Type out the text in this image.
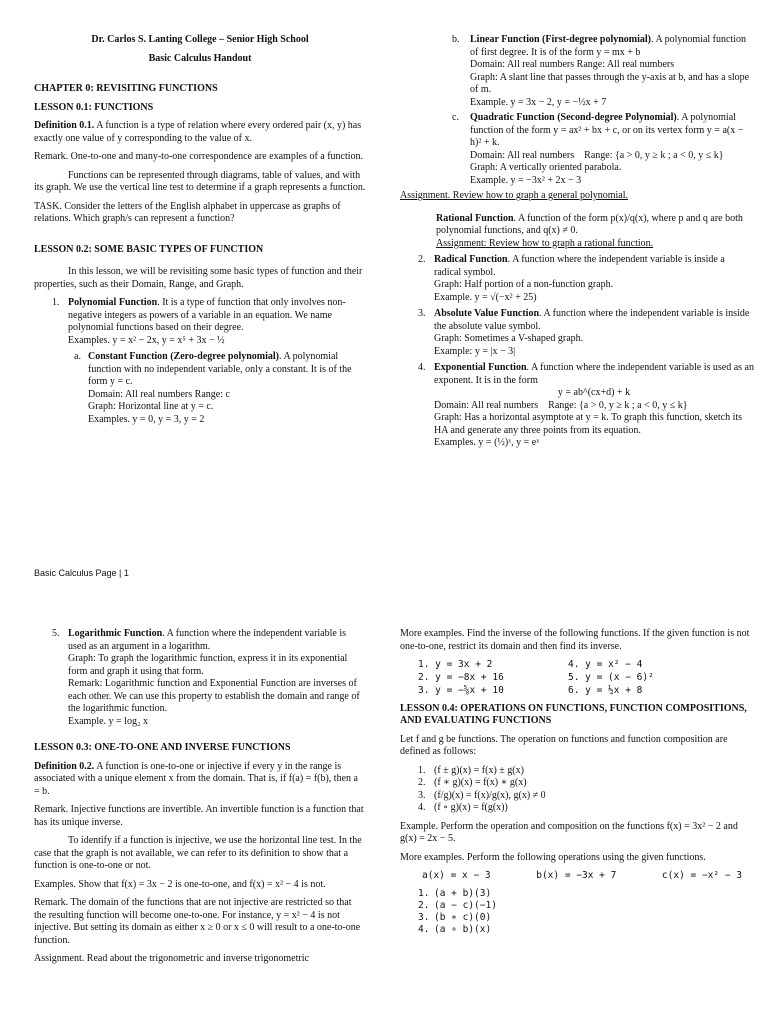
Dr. Carlos S. Lanting College – Senior High School

Basic Calculus Handout

CHAPTER 0: REVISITING FUNCTIONS

LESSON 0.1: FUNCTIONS

Definition 0.1. A function is a type of relation where every ordered pair (x, y) has exactly one value of y corresponding to the value of x.

Remark. One-to-one and many-to-one correspondence are examples of a function.

Functions can be represented through diagrams, table of values, and with its graph. We use the vertical line test to determine if a graph represents a function.

TASK. Consider the letters of the English alphabet in uppercase as graphs of relations. Which graph/s can represent a function?

LESSON 0.2: SOME BASIC TYPES OF FUNCTION

In this lesson, we will be revisiting some basic types of function and their properties, such as their Domain, Range, and Graph.

1. Polynomial Function. It is a type of function that only involves non-negative integers as powers of a variable in an equation. We name polynomial functions based on their degree.
Examples. y = x² − 2x, y = x⁵ + 3x − ½
a. Constant Function (Zero-degree polynomial). A polynomial function with no independent variable, only a constant. It is of the form y = c.
Domain: All real numbers Range: c
Graph: Horizontal line at y = c.
Examples. y = 0, y = 3, y = 2
b. Linear Function (First-degree polynomial). A polynomial function of first degree. It is of the form y = mx + b
Domain: All real numbers Range: All real numbers
Graph: A slant line that passes through the y-axis at b, and has a slope of m.
Example. y = 3x − 2, y = −½x + 7
c. Quadratic Function (Second-degree Polynomial). A polynomial function of the form y = ax² + bx + c, or on its vertex form y = a(x − h)² + k.
Domain: All real numbers Range: {a > 0, y ≥ k ; a < 0, y ≤ k}
Graph: A vertically oriented parabola.
Example. y = −3x² + 2x − 3

Assignment. Review how to graph a general polynomial.

Rational Function. A function of the form p(x)/q(x), where p and q are both polynomial functions, and q(x) ≠ 0.
Assignment: Review how to graph a rational function.
2. Radical Function. A function where the independent variable is inside a radical symbol.
Graph: Half portion of a non-function graph.
Example. y = √(−x² + 25)
3. Absolute Value Function. A function where the independent variable is inside the absolute value symbol.
Graph: Sometimes a V-shaped graph.
Example: y = |x − 3|
4. Exponential Function. A function where the independent variable is used as an exponent. It is in the form
y = ab^(cx+d) + k
Domain: All real numbers Range: {a > 0, y ≥ k ; a < 0, y ≤ k}
Graph: Has a horizontal asymptote at y = k. To graph this function, sketch its HA and generate any three points from its equation.
Examples. y = (½)ˣ, y = eˣ
Basic Calculus Page | 1
5. Logarithmic Function. A function where the independent variable is used as an argument in a logarithm.
Graph: To graph the logarithmic function, express it in its exponential form and graph it using that form.
Remark: Logarithmic function and Exponential Function are inverses of each other. We can use this property to establish the domain and range of the logarithmic function.
Example. y = log₂ x

LESSON 0.3: ONE-TO-ONE AND INVERSE FUNCTIONS

Definition 0.2. A function is one-to-one or injective if every y in the range is associated with a unique element x from the domain. That is, if f(a) = f(b), then a = b.

Remark. Injective functions are invertible. An invertible function is a function that has its unique inverse.

To identify if a function is injective, we use the horizontal line test. In the case that the graph is not available, we can refer to its definition to show that a function is one-to-one or not.

Examples. Show that f(x) = 3x − 2 is one-to-one, and f(x) = x² − 4 is not.

Remark. The domain of the functions that are not injective are restricted so that the resulting function will become one-to-one. For instance, y = x² − 4 is not injective. But setting its domain as either x ≥ 0 or x ≤ 0 will result to a one-to-one function.

Assignment. Read about the trigonometric and inverse trigonometric

More examples. Find the inverse of the following functions. If the given function is not one-to-one, restrict its domain and then find its inverse.

1. y = 3x + 2	4. y = x² − 4
2. y = −8x + 16	5. y = (x − 6)²
3. y = −⅝x + 10	6. y = ½x + 8

LESSON 0.4: OPERATIONS ON FUNCTIONS, FUNCTION COMPOSITIONS, AND EVALUATING FUNCTIONS

Let f and g be functions. The operation on functions and function composition are defined as follows:

1. (f ± g)(x) = f(x) ± g(x)
2. (f ∗ g)(x) = f(x) ∗ g(x)
3. (f/g)(x) = f(x)/g(x), g(x) ≠ 0
4. (f ∘ g)(x) = f(g(x))

Example. Perform the operation and composition on the functions f(x) = 3x² − 2 and g(x) = 2x − 5.

More examples. Perform the following operations using the given functions.

a(x) = x − 3	b(x) = −3x + 7	c(x) = −x² − 3
1. (a + b)(3)
2. (a − c)(−1)
3. (b ∗ c)(0)
4. (a ∘ b)(x)
